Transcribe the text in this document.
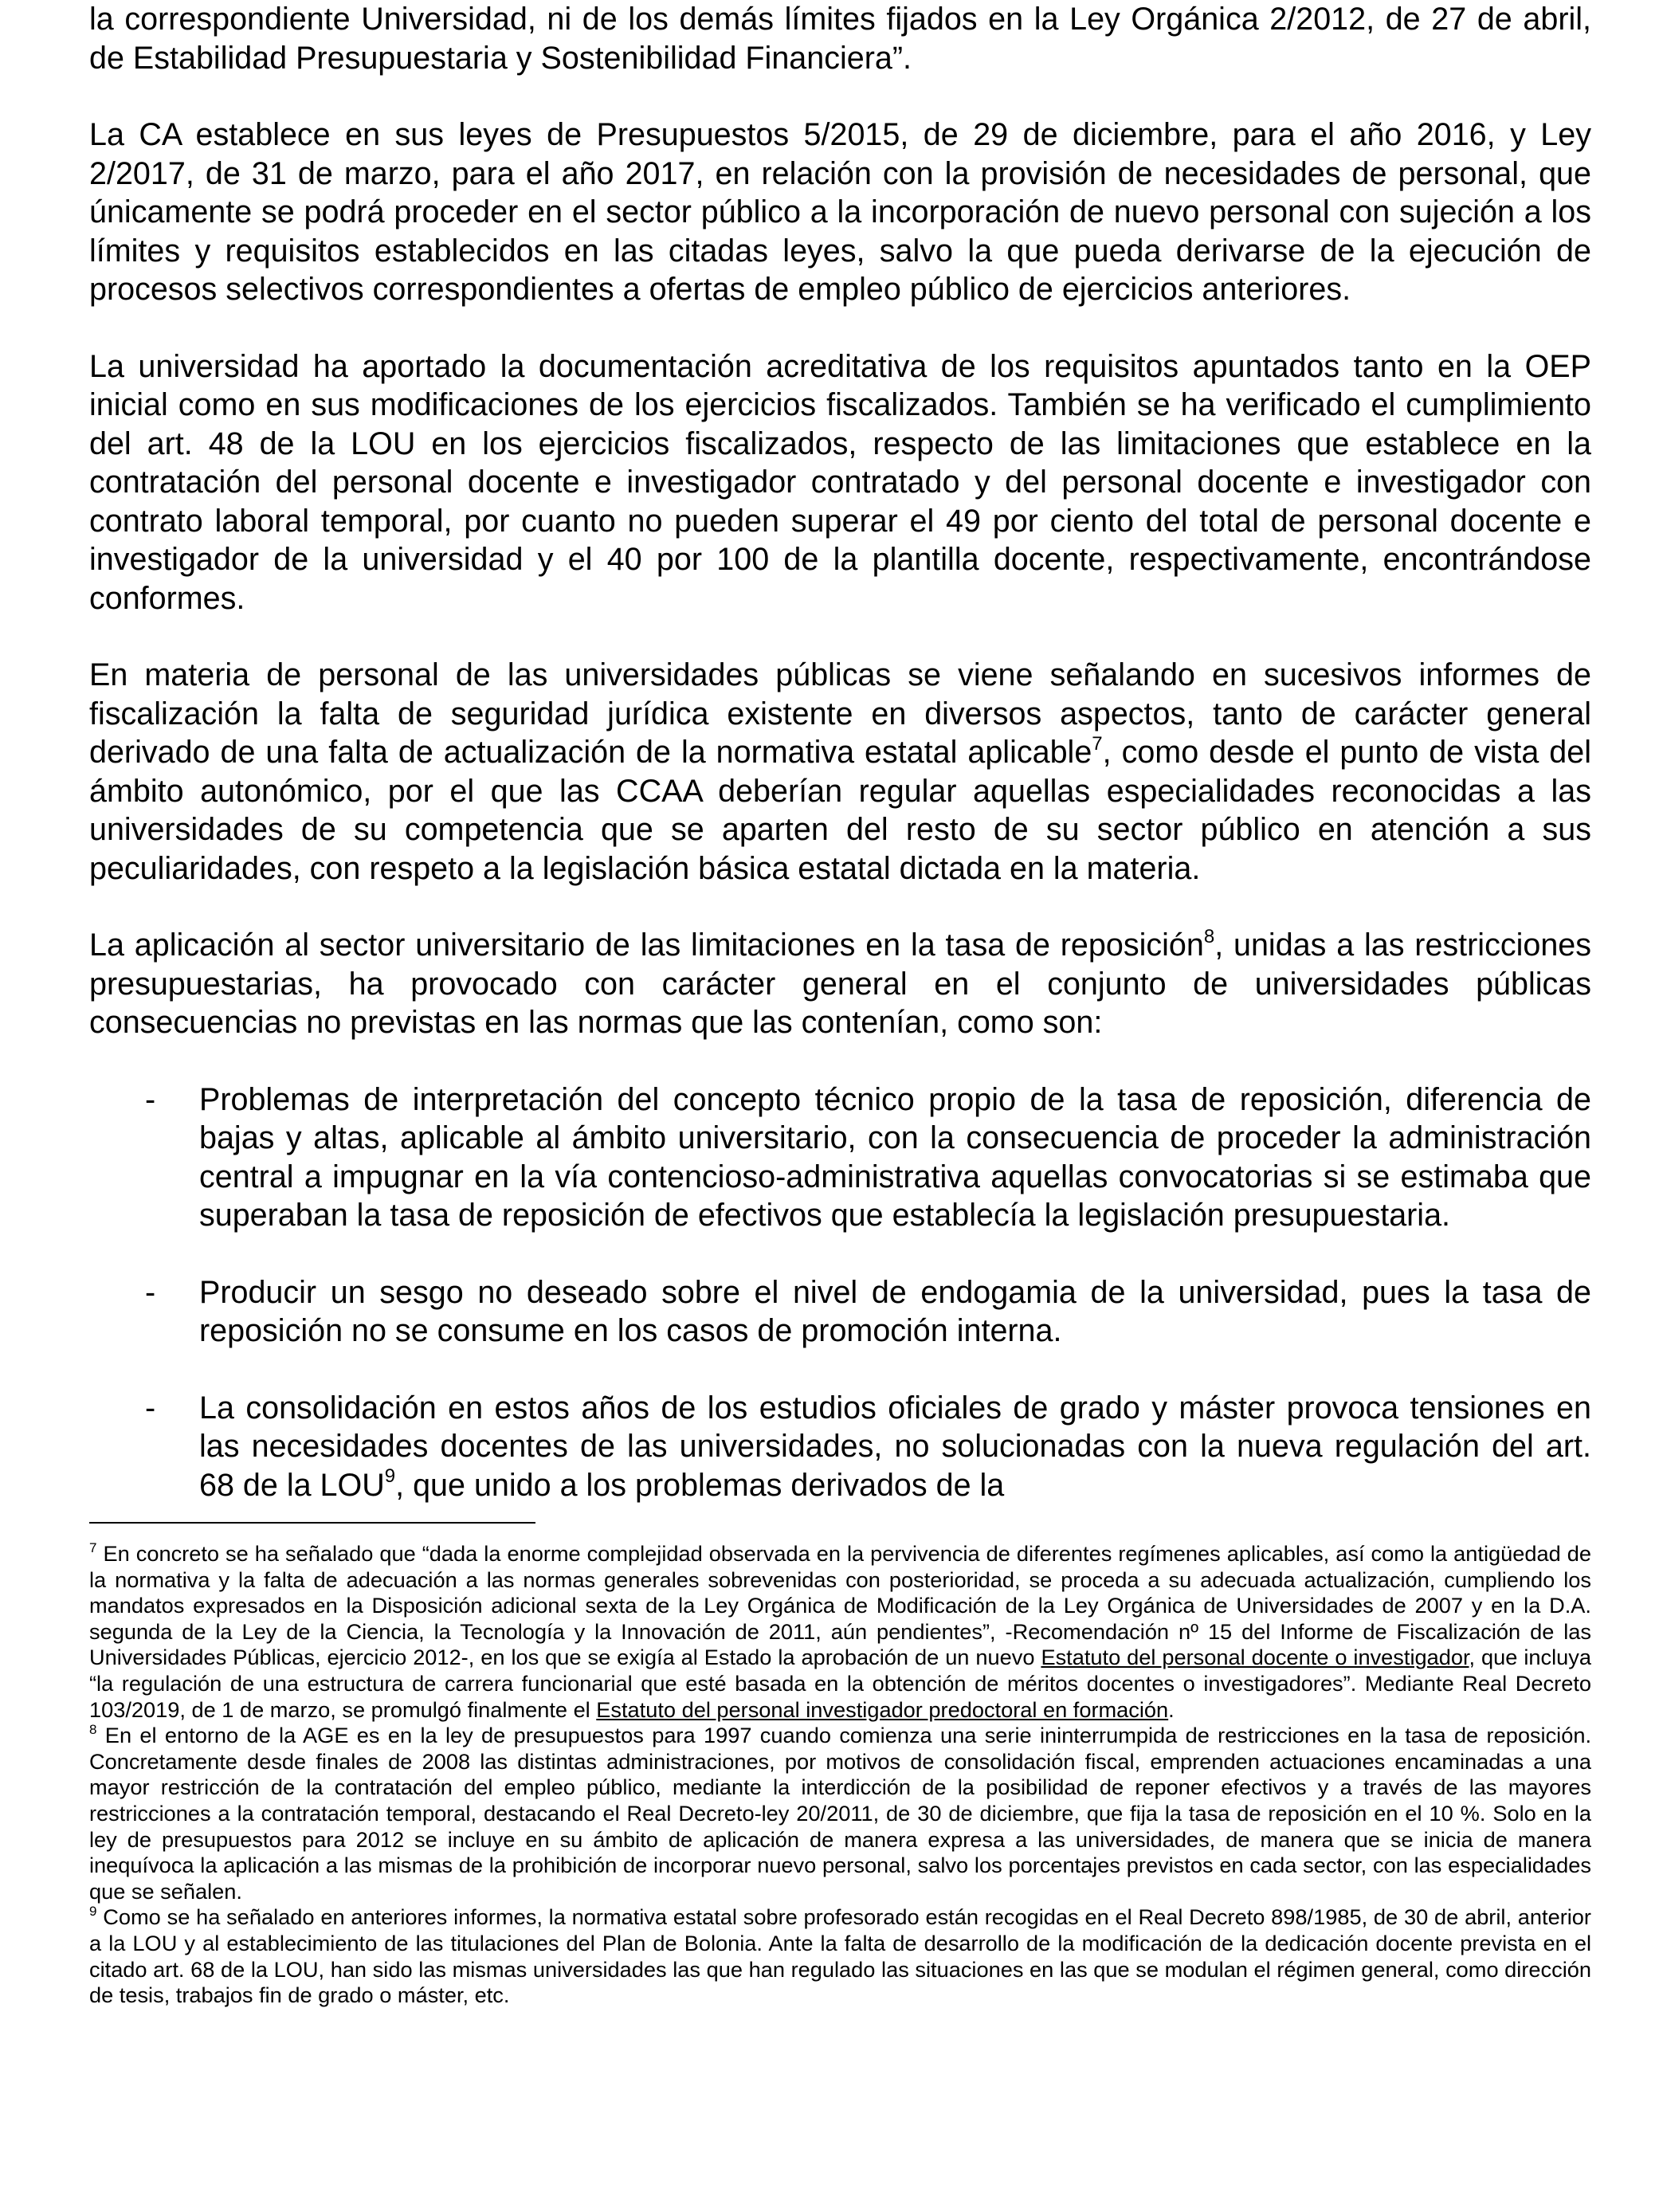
la correspondiente Universidad, ni de los demás límites fijados en la Ley Orgánica 2/2012, de 27 de abril, de Estabilidad Presupuestaria y Sostenibilidad Financiera”.

La CA establece en sus leyes de Presupuestos 5/2015, de 29 de diciembre, para el año 2016, y Ley 2/2017, de 31 de marzo, para el año 2017, en relación con la provisión de necesidades de personal, que únicamente se podrá proceder en el sector público a la incorporación de nuevo personal con sujeción a los límites y requisitos establecidos en las citadas leyes, salvo la que pueda derivarse de la ejecución de procesos selectivos correspondientes a ofertas de empleo público de ejercicios anteriores.

La universidad ha aportado la documentación acreditativa de los requisitos apuntados tanto en la OEP inicial como en sus modificaciones de los ejercicios fiscalizados. También se ha verificado el cumplimiento del art. 48 de la LOU en los ejercicios fiscalizados, respecto de las limitaciones que establece en la contratación del personal docente e investigador contratado y del personal docente e investigador con contrato laboral temporal, por cuanto no pueden superar el 49 por ciento del total de personal docente e investigador de la universidad y el 40 por 100 de la plantilla docente, respectivamente, encontrándose conformes.

En materia de personal de las universidades públicas se viene señalando en sucesivos informes de fiscalización la falta de seguridad jurídica existente en diversos aspectos, tanto de carácter general derivado de una falta de actualización de la normativa estatal aplicable$^7$, como desde el punto de vista del ámbito autonómico, por el que las CCAA deberían regular aquellas especialidades reconocidas a las universidades de su competencia que se aparten del resto de su sector público en atención a sus peculiaridades, con respeto a la legislación básica estatal dictada en la materia.

La aplicación al sector universitario de las limitaciones en la tasa de reposición$^8$, unidas a las restricciones presupuestarias, ha provocado con carácter general en el conjunto de universidades públicas consecuencias no previstas en las normas que las contenían, como son:

- Problemas de interpretación del concepto técnico propio de la tasa de reposición, diferencia de bajas y altas, aplicable al ámbito universitario, con la consecuencia de proceder la administración central a impugnar en la vía contencioso-administrativa aquellas convocatorias si se estimaba que superaban la tasa de reposición de efectivos que establecía la legislación presupuestaria.
- Producir un sesgo no deseado sobre el nivel de endogamia de la universidad, pues la tasa de reposición no se consume en los casos de promoción interna.
- La consolidación en estos años de los estudios oficiales de grado y máster provoca tensiones en las necesidades docentes de las universidades, no solucionadas con la nueva regulación del art. 68 de la LOU$^9$, que unido a los problemas derivados de la

$^7$ En concreto se ha señalado que “dada la enorme complejidad observada en la pervivencia de diferentes regímenes aplicables, así como la antigüedad de la normativa y la falta de adecuación a las normas generales sobrevenidas con posterioridad, se proceda a su adecuada actualización, cumpliendo los mandatos expresados en la Disposición adicional sexta de la Ley Orgánica de Modificación de la Ley Orgánica de Universidades de 2007 y en la D.A. segunda de la Ley de la Ciencia, la Tecnología y la Innovación de 2011, aún pendientes”, -Recomendación nº 15 del Informe de Fiscalización de las Universidades Públicas, ejercicio 2012-, en los que se exigía al Estado la aprobación de un nuevo Estatuto del personal docente o investigador, que incluya “la regulación de una estructura de carrera funcionarial que esté basada en la obtención de méritos docentes o investigadores”. Mediante Real Decreto 103/2019, de 1 de marzo, se promulgó finalmente el Estatuto del personal investigador predoctoral en formación.

$^8$ En el entorno de la AGE es en la ley de presupuestos para 1997 cuando comienza una serie ininterrumpida de restricciones en la tasa de reposición. Concretamente desde finales de 2008 las distintas administraciones, por motivos de consolidación fiscal, emprenden actuaciones encaminadas a una mayor restricción de la contratación del empleo público, mediante la interdicción de la posibilidad de reponer efectivos y a través de las mayores restricciones a la contratación temporal, destacando el Real Decreto-ley 20/2011, de 30 de diciembre, que fija la tasa de reposición en el 10 %. Solo en la ley de presupuestos para 2012 se incluye en su ámbito de aplicación de manera expresa a las universidades, de manera que se inicia de manera inequívoca la aplicación a las mismas de la prohibición de incorporar nuevo personal, salvo los porcentajes previstos en cada sector, con las especialidades que se señalen.

$^9$ Como se ha señalado en anteriores informes, la normativa estatal sobre profesorado están recogidas en el Real Decreto 898/1985, de 30 de abril, anterior a la LOU y al establecimiento de las titulaciones del Plan de Bolonia. Ante la falta de desarrollo de la modificación de la dedicación docente prevista en el citado art. 68 de la LOU, han sido las mismas universidades las que han regulado las situaciones en las que se modulan el régimen general, como dirección de tesis, trabajos fin de grado o máster, etc.
